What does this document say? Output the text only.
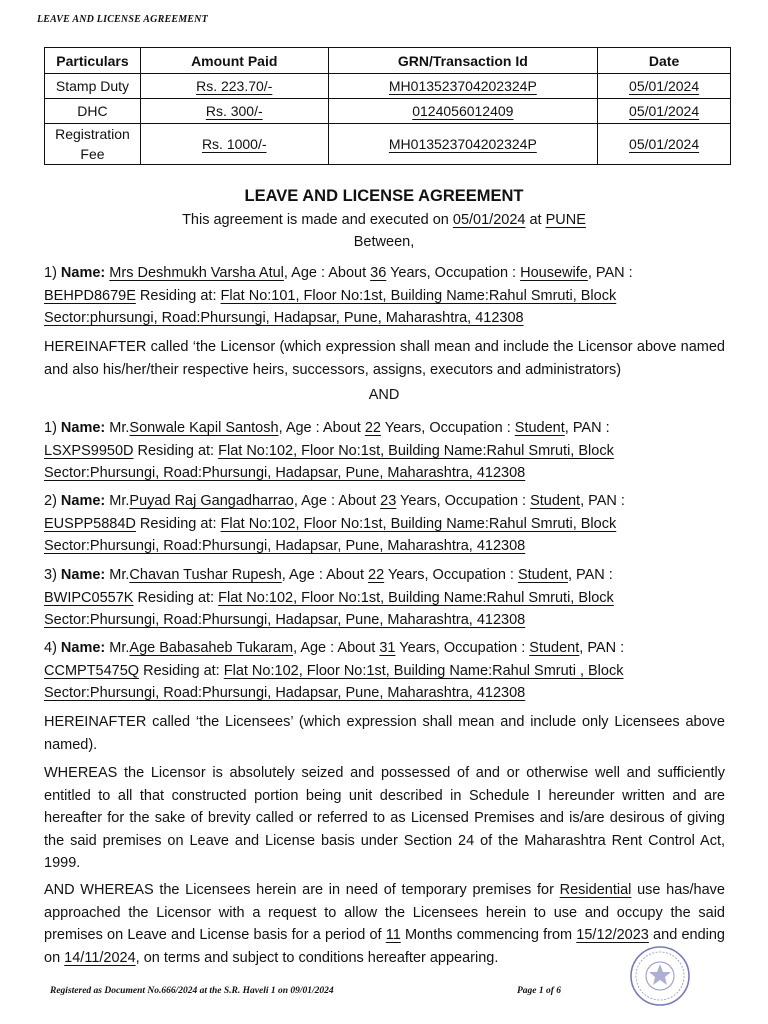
LEAVE AND LICENSE AGREEMENT
Particulars	Amount Paid	GRN/Transaction Id	Date
Stamp Duty	Rs. 223.70/-	MH013523704202324P	05/01/2024
DHC	Rs. 300/-	0124056012409	05/01/2024
Registration Fee	Rs. 1000/-	MH013523704202324P	05/01/2024
LEAVE AND LICENSE AGREEMENT
This agreement is made and executed on 05/01/2024 at PUNE
Between,
1) Name: Mrs Deshmukh Varsha Atul, Age : About 36 Years, Occupation : Housewife, PAN :
BEHPD8679E Residing at: Flat No:101, Floor No:1st, Building Name:Rahul Smruti, Block
Sector:phursungi, Road:Phursungi, Hadapsar, Pune, Maharashtra, 412308
HEREINAFTER called ‘the Licensor (which expression shall mean and include the Licensor above named and also his/her/their respective heirs, successors, assigns, executors and administrators)
AND
1) Name: Mr.Sonwale Kapil Santosh, Age : About 22 Years, Occupation : Student, PAN :
LSXPS9950D Residing at: Flat No:102, Floor No:1st, Building Name:Rahul Smruti, Block
Sector:Phursungi, Road:Phursungi, Hadapsar, Pune, Maharashtra, 412308
2) Name: Mr.Puyad Raj Gangadharrao, Age : About 23 Years, Occupation : Student, PAN :
EUSPP5884D Residing at: Flat No:102, Floor No:1st, Building Name:Rahul Smruti, Block
Sector:Phursungi, Road:Phursungi, Hadapsar, Pune, Maharashtra, 412308
3) Name: Mr.Chavan Tushar Rupesh, Age : About 22 Years, Occupation : Student, PAN :
BWIPC0557K Residing at: Flat No:102, Floor No:1st, Building Name:Rahul Smruti, Block
Sector:Phursungi, Road:Phursungi, Hadapsar, Pune, Maharashtra, 412308
4) Name: Mr.Age Babasaheb Tukaram, Age : About 31 Years, Occupation : Student, PAN :
CCMPT5475Q Residing at: Flat No:102, Floor No:1st, Building Name:Rahul Smruti , Block
Sector:Phursungi, Road:Phursungi, Hadapsar, Pune, Maharashtra, 412308
HEREINAFTER called ‘the Licensees’ (which expression shall mean and include only Licensees above named).
WHEREAS the Licensor is absolutely seized and possessed of and or otherwise well and sufficiently entitled to all that constructed portion being unit described in Schedule I hereunder written and are hereafter for the sake of brevity called or referred to as Licensed Premises and is/are desirous of giving the said premises on Leave and License basis under Section 24 of the Maharashtra Rent Control Act, 1999.
AND WHEREAS the Licensees herein are in need of temporary premises for Residential use has/have approached the Licensor with a request to allow the Licensees herein to use and occupy the said premises on Leave and License basis for a period of 11 Months commencing from 15/12/2023 and ending on 14/11/2024, on terms and subject to conditions hereafter appearing.
Registered as Document No.666/2024 at the S.R. Haveli 1 on 09/01/2024	Page 1 of 6
